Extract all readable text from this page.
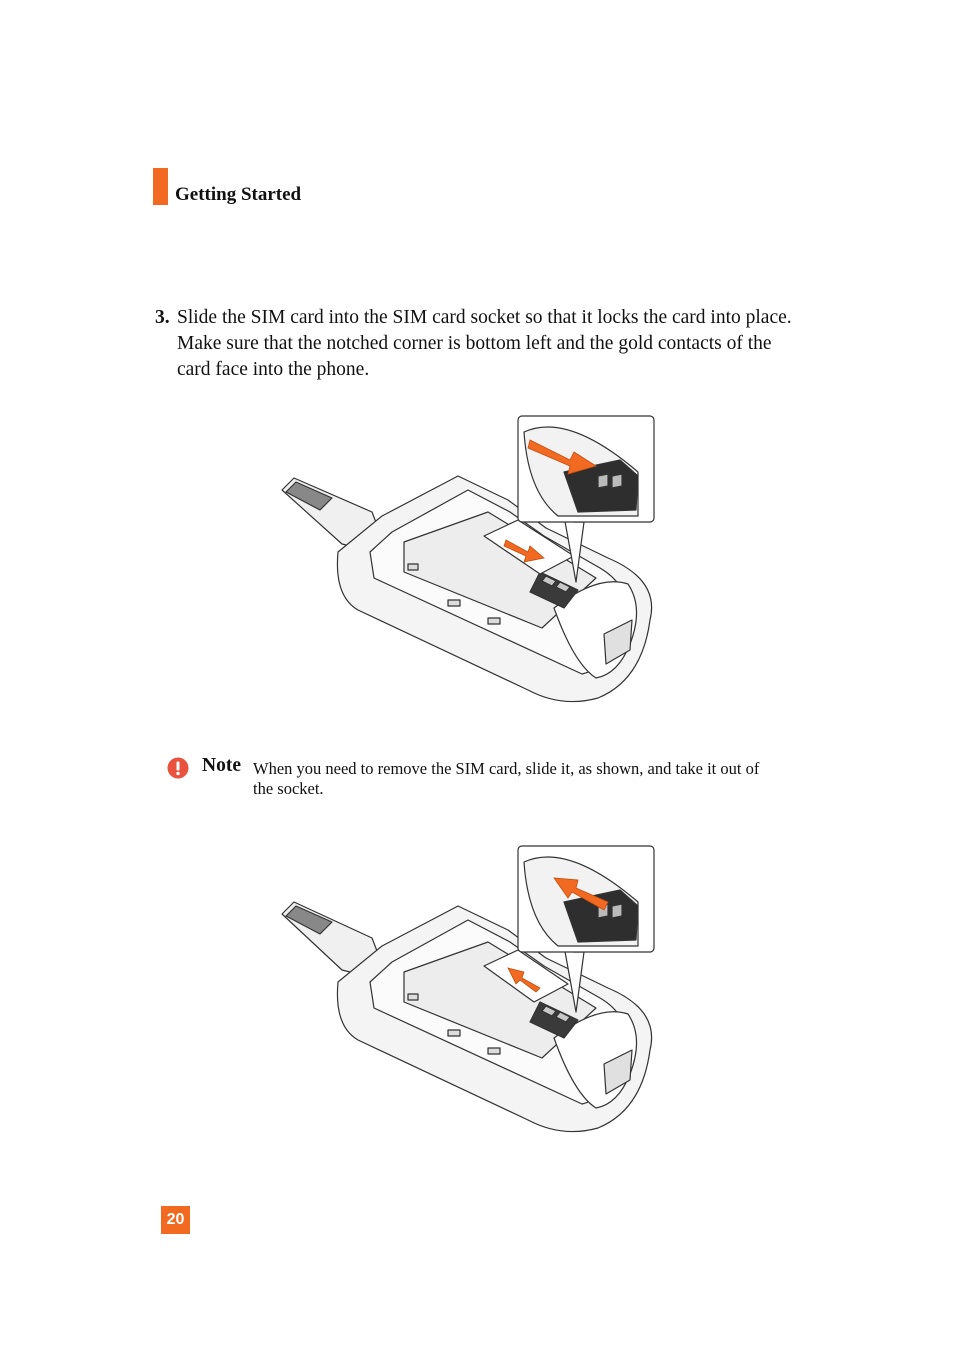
Getting Started
3. Slide the SIM card into the SIM card socket so that it locks the card into place. Make sure that the notched corner is bottom left and the gold contacts of the card face into the phone.
Note When you need to remove the SIM card, slide it, as shown, and take it out of the socket.
20
